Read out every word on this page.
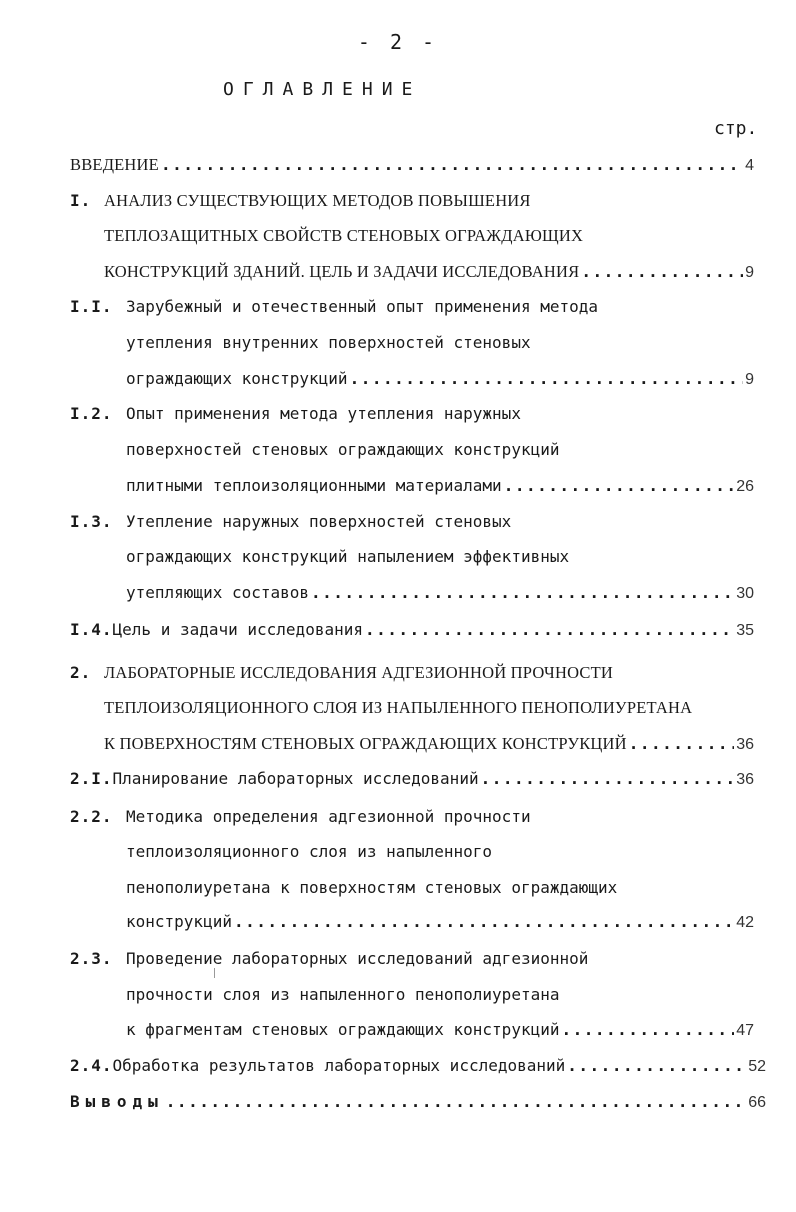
- 2 -
ОГЛАВЛЕНИЕ
стр.
ВВЕДЕНИЕ .....	4
I. АНАЛИЗ СУЩЕСТВУЮЩИХ МЕТОДОВ ПОВЫШЕНИЯ
ТЕПЛОЗАЩИТНЫХ СВОЙСТВ СТЕНОВЫХ ОГРАЖДАЮЩИХ
КОНСТРУКЦИЙ ЗДАНИЙ. ЦЕЛЬ И ЗАДАЧИ ИССЛЕДОВАНИЯ .....	9
I.I. Зарубежный и отечественный опыт применения метода
утепления внутренних поверхностей стеновых
ограждающих конструкций .....	9
I.2. Опыт применения метода утепления наружных
поверхностей стеновых ограждающих конструкций
плитными теплоизоляционными материалами .....	26
I.3. Утепление наружных поверхностей стеновых
ограждающих конструкций напылением эффективных
утепляющих составов .....	30
I.4. Цель и задачи исследования .....	35
2. ЛАБОРАТОРНЫЕ ИССЛЕДОВАНИЯ АДГЕЗИОННОЙ ПРОЧНОСТИ
ТЕПЛОИЗОЛЯЦИОННОГО СЛОЯ ИЗ НАПЫЛЕННОГО ПЕНОПОЛИУРЕТАНА
К ПОВЕРХНОСТЯМ СТЕНОВЫХ ОГРАЖДАЮЩИХ КОНСТРУКЦИЙ .....	36
2.I. Планирование лабораторных исследований .....	36
2.2. Методика определения адгезионной прочности
теплоизоляционного слоя из напыленного
пенополиуретана к поверхностям стеновых ограждающих
конструкций .....	42
2.3. Проведение лабораторных исследований адгезионной
прочности слоя из напыленного пенополиуретана
к фрагментам стеновых ограждающих конструкций .....	47
2.4. Обработка результатов лабораторных исследований .....	52
Выводы .....	66
